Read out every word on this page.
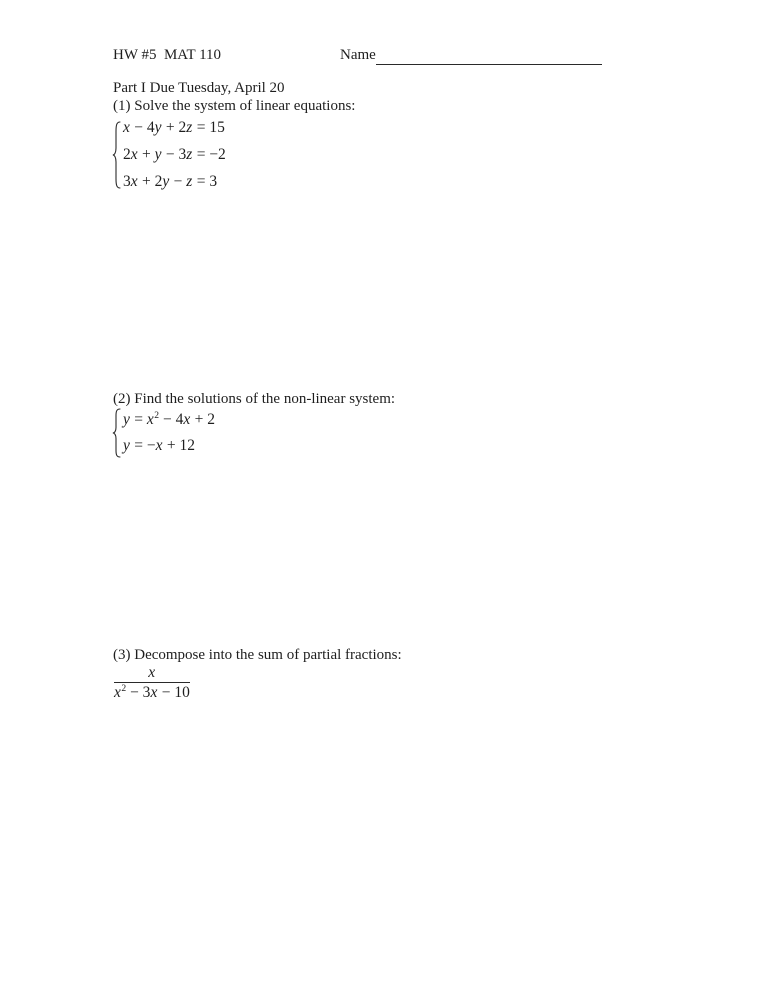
HW #5  MAT 110	Name
Part I Due Tuesday, April 20
(1) Solve the system of linear equations:
x − 4y + 2z = 15
2x + y − 3z = −2
3x + 2y − z = 3
(2) Find the solutions of the non-linear system:
$y = x^2 - 4x + 2$
y = −x + 12
(3) Decompose into the sum of partial fractions:
$\frac{x}{x^2 - 3x - 10}$
